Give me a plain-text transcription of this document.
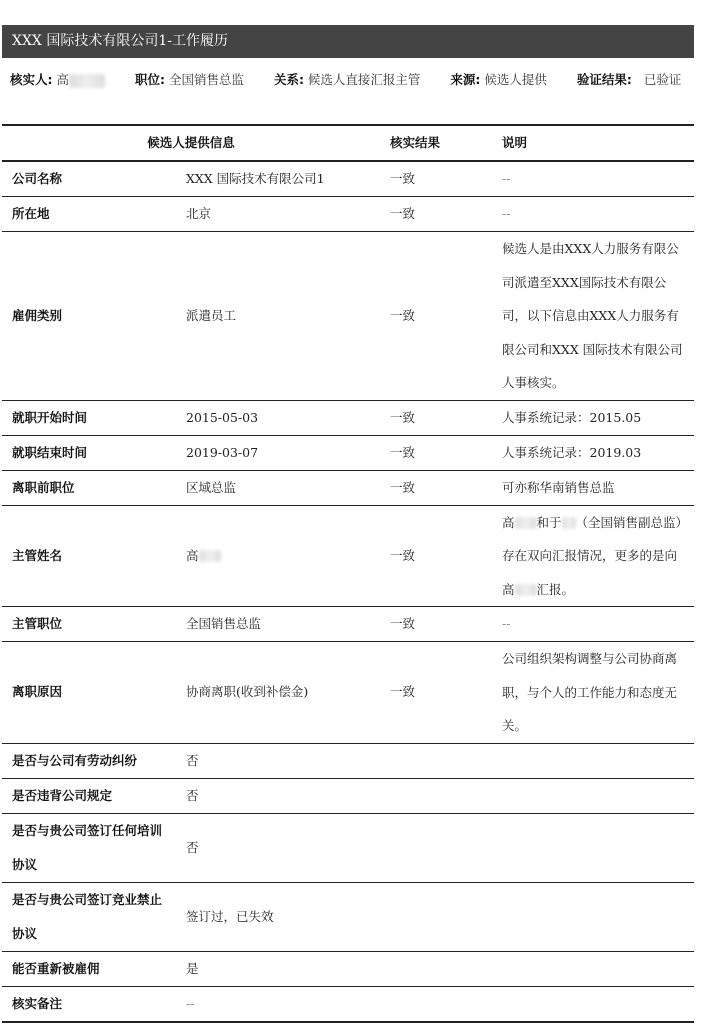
XXX 国际技术有限公司1-工作履历
核实人: 高	职位: 全国销售总监 关系: 候选人直接汇报主管 来源: 候选人提供 验证结果: 已验证
候选人提供信息		核实结果	说明
公司名称	XXX 国际技术有限公司1	一致	--
所在地	北京	一致	--
雇佣类别	派遣员工	一致	候选人是由XXX人力服务有限公司派遣至XXX国际技术有限公司，以下信息由XXX人力服务有限公司和XXX 国际技术有限公司人事核实。
就职开始时间	2015-05-03	一致	人事系统记录：2015.05
就职结束时间	2019-03-07	一致	人事系统记录：2019.03
离职前职位	区域总监	一致	可亦称华南销售总监
主管姓名	高	一致	高 和于 （全国销售副总监）存在双向汇报情况，更多的是向高 汇报。
主管职位	全国销售总监	一致	--
离职原因	协商离职(收到补偿金)	一致	公司组织架构调整与公司协商离职，与个人的工作能力和态度无关。
是否与公司有劳动纠纷	否		
是否违背公司规定	否		
是否与贵公司签订任何培训协议	否		
是否与贵公司签订竞业禁止协议	签订过，已失效		
能否重新被雇佣	是		
核实备注	--		
